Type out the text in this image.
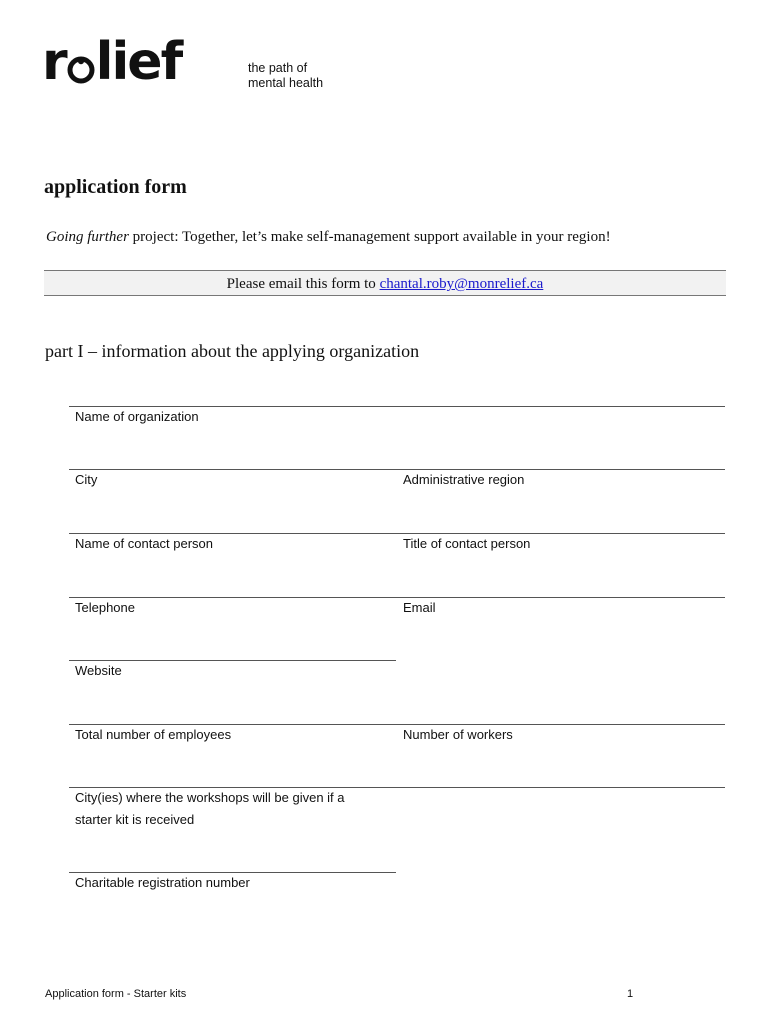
r lief	the path of
mental health
application form
Going further project: Together, let’s make self-management support available in your region!
Please email this form to chantal.roby@monrelief.ca
part I – information about the applying organization
Name of organization
City	Administrative region
Name of contact person	Title of contact person
Telephone	Email
Website
Total number of employees	Number of workers
City(ies) where the workshops will be given if a
starter kit is received
Charitable registration number
Application form - Starter kits	1
